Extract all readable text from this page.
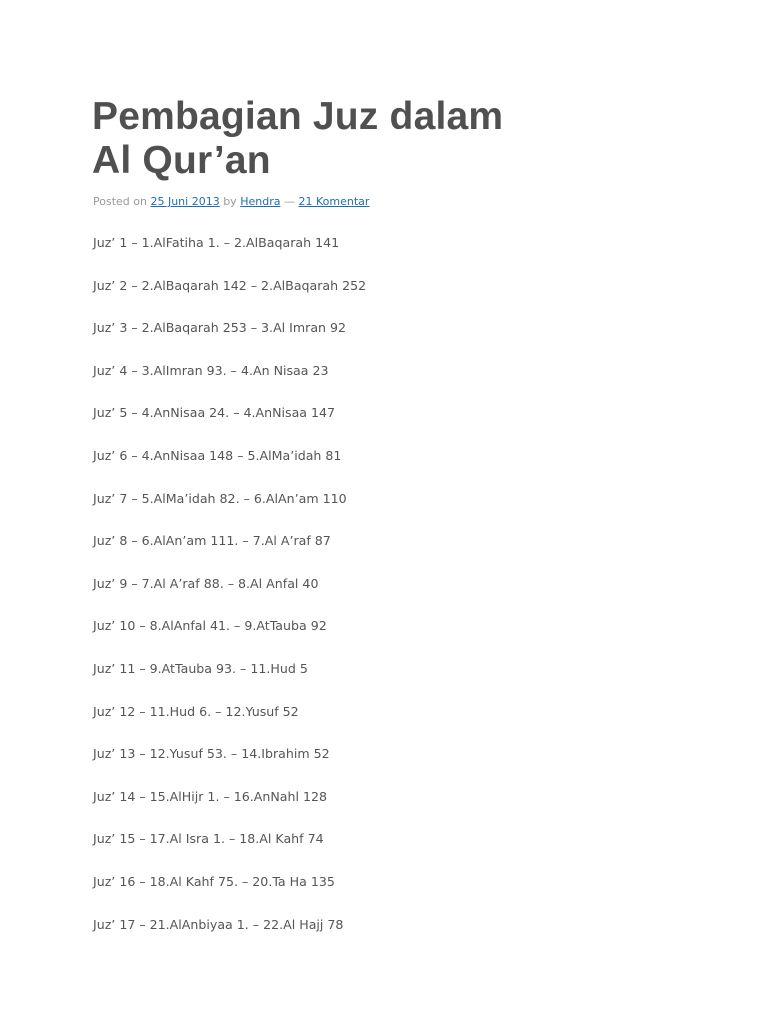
Pembagian Juz dalam
Al Qur’an
Posted on 25 Juni 2013 by Hendra — 21 Komentar
Juz’ 1 – 1.AlFatiha 1. – 2.AlBaqarah 141
Juz’ 2 – 2.AlBaqarah 142 – 2.AlBaqarah 252
Juz’ 3 – 2.AlBaqarah 253 – 3.Al Imran 92
Juz’ 4 – 3.AlImran 93. – 4.An Nisaa 23
Juz’ 5 – 4.AnNisaa 24. – 4.AnNisaa 147
Juz’ 6 – 4.AnNisaa 148 – 5.AlMa’idah 81
Juz’ 7 – 5.AlMa’idah 82. – 6.AlAn’am 110
Juz’ 8 – 6.AlAn’am 111. – 7.Al A’raf 87
Juz’ 9 – 7.Al A’raf 88. – 8.Al Anfal 40
Juz’ 10 – 8.AlAnfal 41. – 9.AtTauba 92
Juz’ 11 – 9.AtTauba 93. – 11.Hud 5
Juz’ 12 – 11.Hud 6. – 12.Yusuf 52
Juz’ 13 – 12.Yusuf 53. – 14.Ibrahim 52
Juz’ 14 – 15.AlHijr 1. – 16.AnNahl 128
Juz’ 15 – 17.Al Isra 1. – 18.Al Kahf 74
Juz’ 16 – 18.Al Kahf 75. – 20.Ta Ha 135
Juz’ 17 – 21.AlAnbiyaa 1. – 22.Al Hajj 78
